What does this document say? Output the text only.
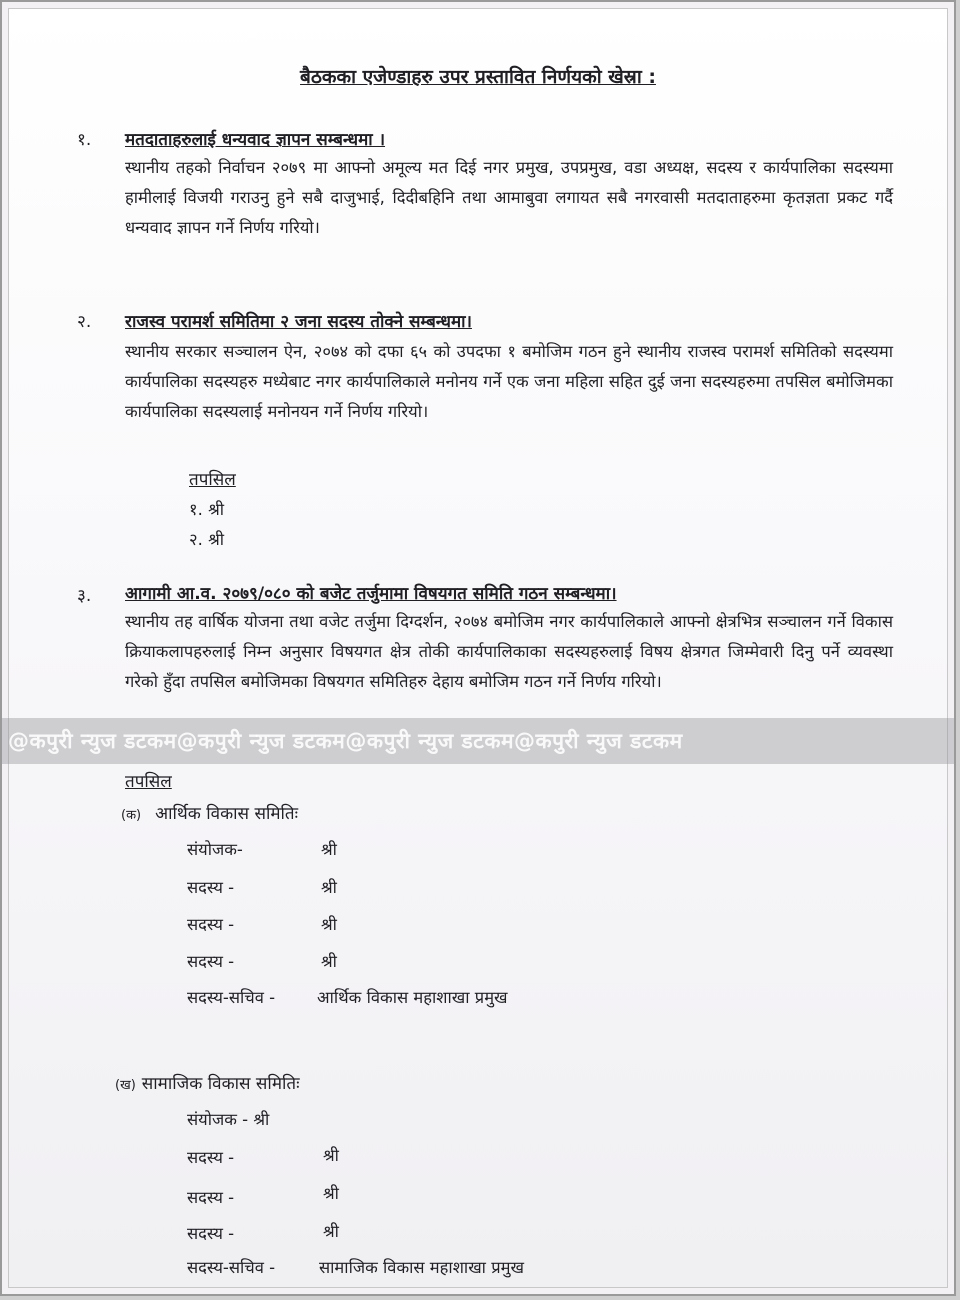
बैठकका एजेण्डाहरु उपर प्रस्तावित निर्णयको खेस्रा :
१. मतदाताहरुलाई धन्यवाद ज्ञापन सम्बन्धमा ।
स्थानीय तहको निर्वाचन २०७९ मा आफ्नो अमूल्य मत दिई नगर प्रमुख, उपप्रमुख, वडा अध्यक्ष, सदस्य र कार्यपालिका सदस्यमा हामीलाई विजयी गराउनु हुने सबै दाजुभाई, दिदीबहिनि तथा आमाबुवा लगायत सबै नगरवासी मतदाताहरुमा कृतज्ञता प्रकट गर्दै धन्यवाद ज्ञापन गर्ने निर्णय गरियो।
२. राजस्व परामर्श समितिमा २ जना सदस्य तोक्ने सम्बन्धमा।
स्थानीय सरकार सञ्चालन ऐन, २०७४ को दफा ६५ को उपदफा १ बमोजिम गठन हुने स्थानीय राजस्व परामर्श समितिको सदस्यमा कार्यपालिका सदस्यहरु मध्येबाट नगर कार्यपालिकाले मनोनय गर्ने एक जना महिला सहित दुई जना सदस्यहरुमा तपसिल बमोजिमका कार्यपालिका सदस्यलाई मनोनयन गर्ने निर्णय गरियो।
तपसिल
१. श्री
२. श्री
३. आगामी आ.व. २०७९/०८० को बजेट तर्जुमामा विषयगत समिति गठन सम्बन्धमा।
स्थानीय तह वार्षिक योजना तथा वजेट तर्जुमा दिग्दर्शन, २०७४ बमोजिम नगर कार्यपालिकाले आफ्नो क्षेत्रभित्र सञ्चालन गर्ने विकास क्रियाकलापहरुलाई निम्न अनुसार विषयगत क्षेत्र तोकी कार्यपालिकाका सदस्यहरुलाई विषय क्षेत्रगत जिम्मेवारी दिनु पर्ने व्यवस्था गरेको हुँदा तपसिल बमोजिमका विषयगत समितिहरु देहाय बमोजिम गठन गर्ने निर्णय गरियो।
तपसिल
(क) आर्थिक विकास समितिः
संयोजक-	श्री
सदस्य -	श्री
सदस्य -	श्री
सदस्य -	श्री
सदस्य-सचिव -	आर्थिक विकास महाशाखा प्रमुख
(ख) सामाजिक विकास समितिः
संयोजक - श्री
सदस्य -	श्री
सदस्य -	श्री
सदस्य -	श्री
सदस्य-सचिव -	सामाजिक विकास महाशाखा प्रमुख
@कपुरी न्युज डटकम@कपुरी न्युज डटकम@कपुरी न्युज डटकम@कपुरी न्युज डटकम
